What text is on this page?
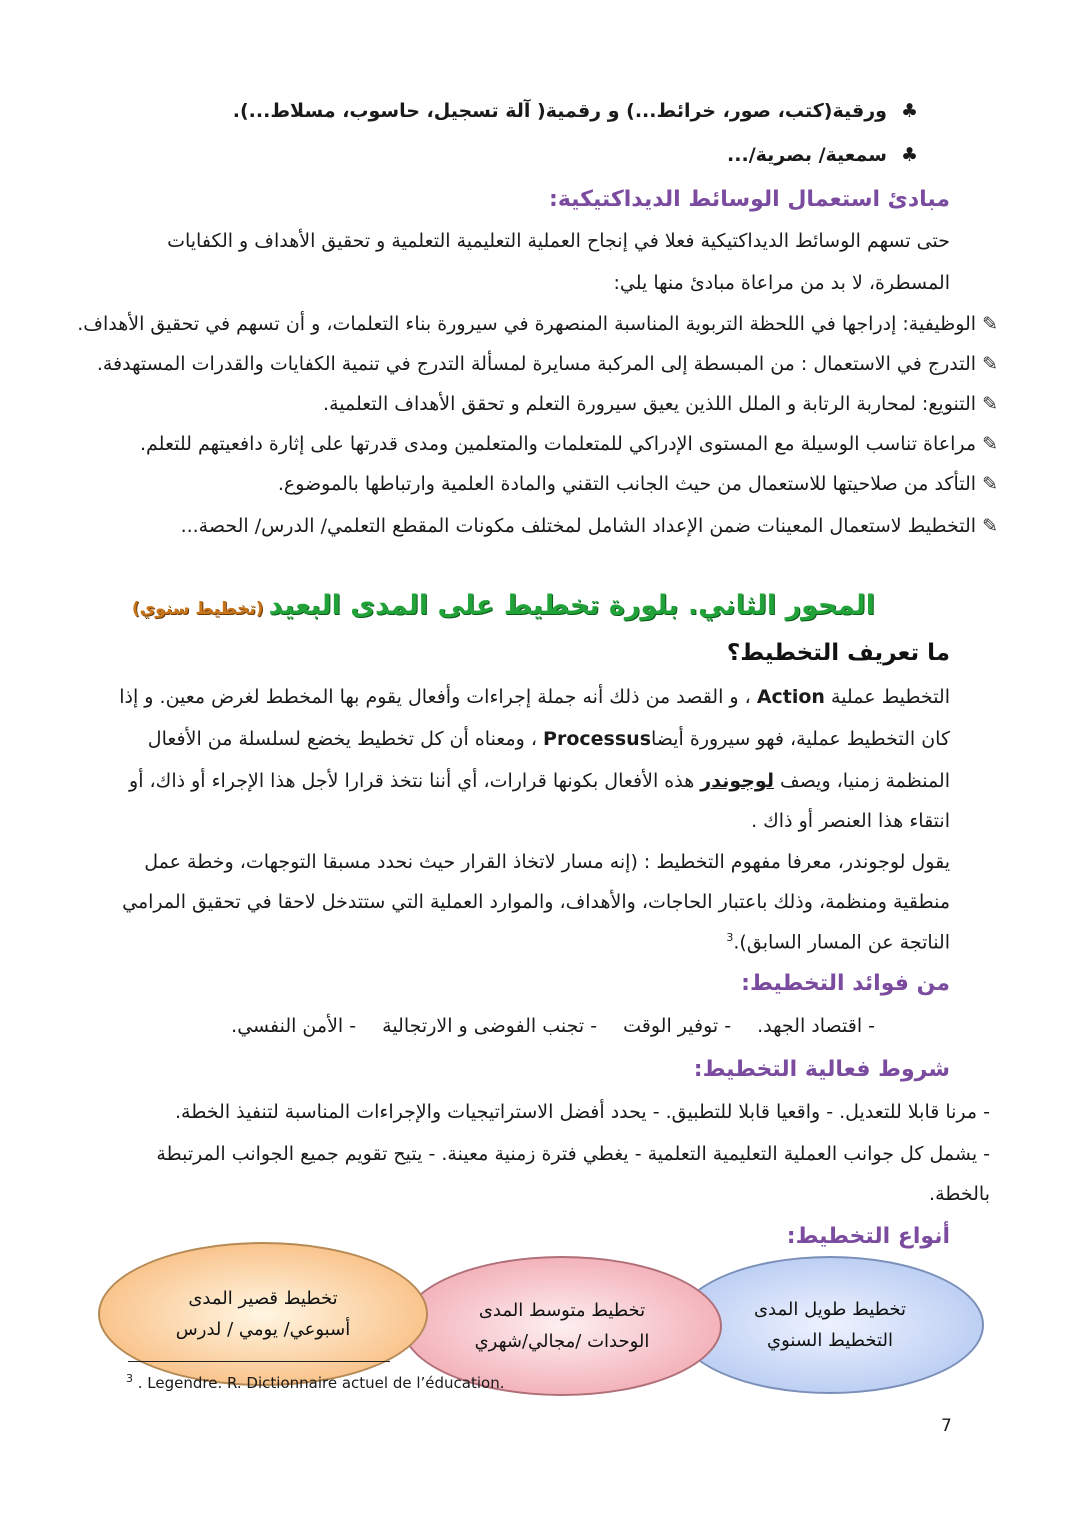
♣ورقية(كتب، صور، خرائط...) و رقمية( آلة تسجيل، حاسوب، مسلاط...).
♣سمعية/ بصرية/...
مبادئ استعمال الوسائط الديداكتيكية:
حتى تسهم الوسائط الديداكتيكية فعلا في إنجاح العملية التعليمية التعلمية و تحقيق الأهداف و الكفايات
المسطرة، لا بد من مراعاة مبادئ منها يلي:
✎الوظيفية: إدراجها في اللحظة التربوية المناسبة المنصهرة في سيرورة بناء التعلمات، و أن تسهم في تحقيق الأهداف.
✎التدرج في الاستعمال : من المبسطة إلى المركبة مسايرة لمسألة التدرج في تنمية الكفايات والقدرات المستهدفة.
✎التنويع: لمحاربة الرتابة و الملل اللذين يعيق سيرورة التعلم و تحقق الأهداف التعلمية.
✎مراعاة تناسب الوسيلة مع المستوى الإدراكي للمتعلمات والمتعلمين ومدى قدرتها على إثارة دافعيتهم للتعلم.
✎التأكد من صلاحيتها للاستعمال من حيث الجانب التقني والمادة العلمية وارتباطها بالموضوع.
✎التخطيط لاستعمال المعينات ضمن الإعداد الشامل لمختلف مكونات المقطع التعلمي/ الدرس/ الحصة...
المحور الثاني. بلورة تخطيط على المدى البعيد (تخطيط سنوي)
ما تعريف التخطيط؟
التخطيط عملية Action ، و القصد من ذلك أنه جملة إجراءات وأفعال يقوم بها المخطط لغرض معين. و إذا
كان التخطيط عملية، فهو سيرورة أيضاProcessus ، ومعناه أن كل تخطيط يخضع لسلسلة من الأفعال
المنظمة زمنيا، ويصف لوجوندر هذه الأفعال بكونها قرارات، أي أننا نتخذ قرارا لأجل هذا الإجراء أو ذاك، أو
انتقاء هذا العنصر أو ذاك .
يقول لوجوندر، معرفا مفهوم التخطيط : (إنه مسار لاتخاذ القرار حيث نحدد مسبقا التوجهات، وخطة عمل
منطقية ومنظمة، وذلك باعتبار الحاجات، والأهداف، والموارد العملية التي ستتدخل لاحقا في تحقيق المرامي
الناتجة عن المسار السابق).$^3$
من فوائد التخطيط:
- اقتصاد الجهد. - توفير الوقت - تجنب الفوضى و الارتجالية - الأمن النفسي.
شروط فعالية التخطيط:
- مرنا قابلا للتعديل. - واقعيا قابلا للتطبيق. - يحدد أفضل الاستراتيجيات والإجراءات المناسبة لتنفيذ الخطة.
- يشمل كل جوانب العملية التعليمية التعلمية - يغطي فترة زمنية معينة. - يتيح تقويم جميع الجوانب المرتبطة
بالخطة.
أنواع التخطيط:
تخطيط طويل المدى
التخطيط السنوي
تخطيط متوسط المدى
الوحدات /مجالي/شهري
تخطيط قصير المدى
أسبوعي/ يومي / لدرس
$^3$ . Legendre. R. Dictionnaire actuel de l’éducation.
7
